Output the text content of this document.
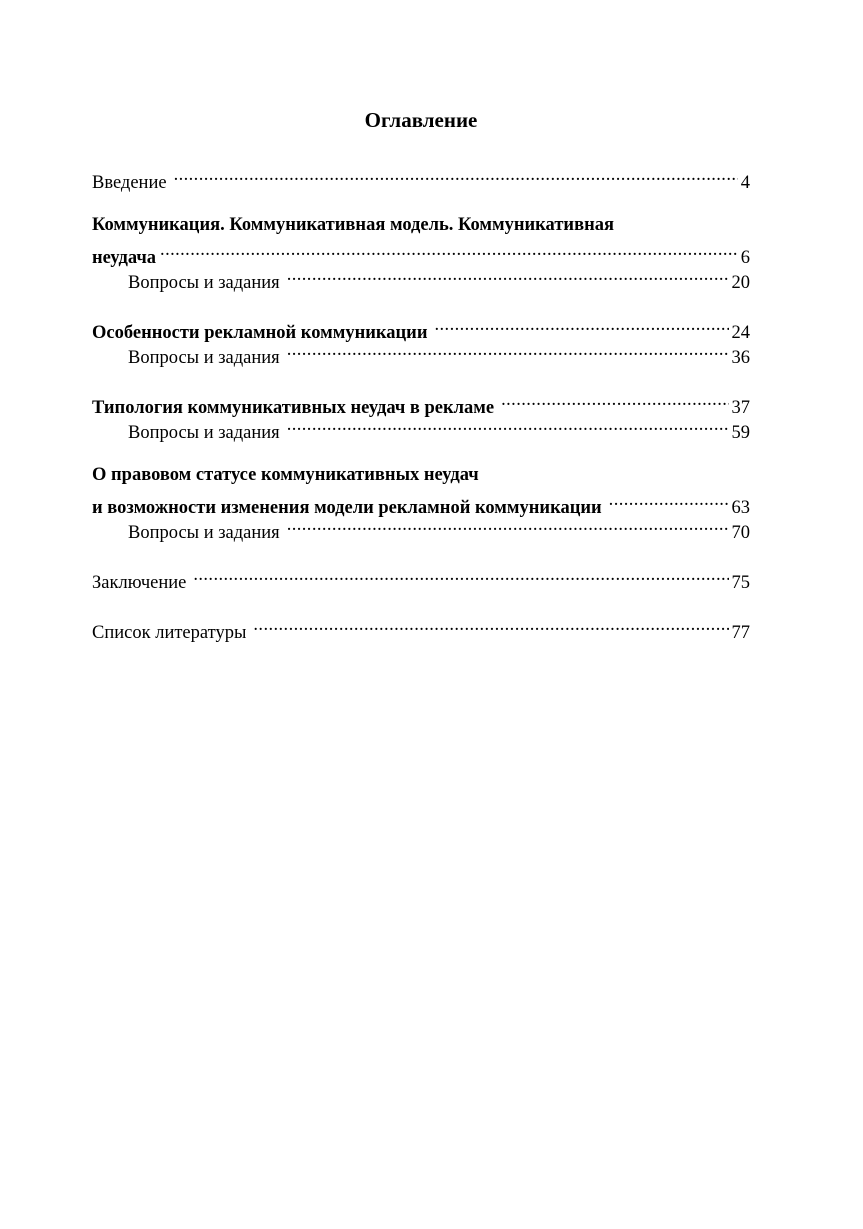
Оглавление
Введение .....	4
Коммуникация. Коммуникативная модель. Коммуникативная
неудача .....	6
Вопросы и задания .....	20
Особенности рекламной коммуникации .....	24
Вопросы и задания .....	36
Типология коммуникативных неудач в рекламе .....	37
Вопросы и задания .....	59
О правовом статусе коммуникативных неудач
и возможности изменения модели рекламной коммуникации .....	63
Вопросы и задания .....	70
Заключение .....	75
Список литературы .....	77
